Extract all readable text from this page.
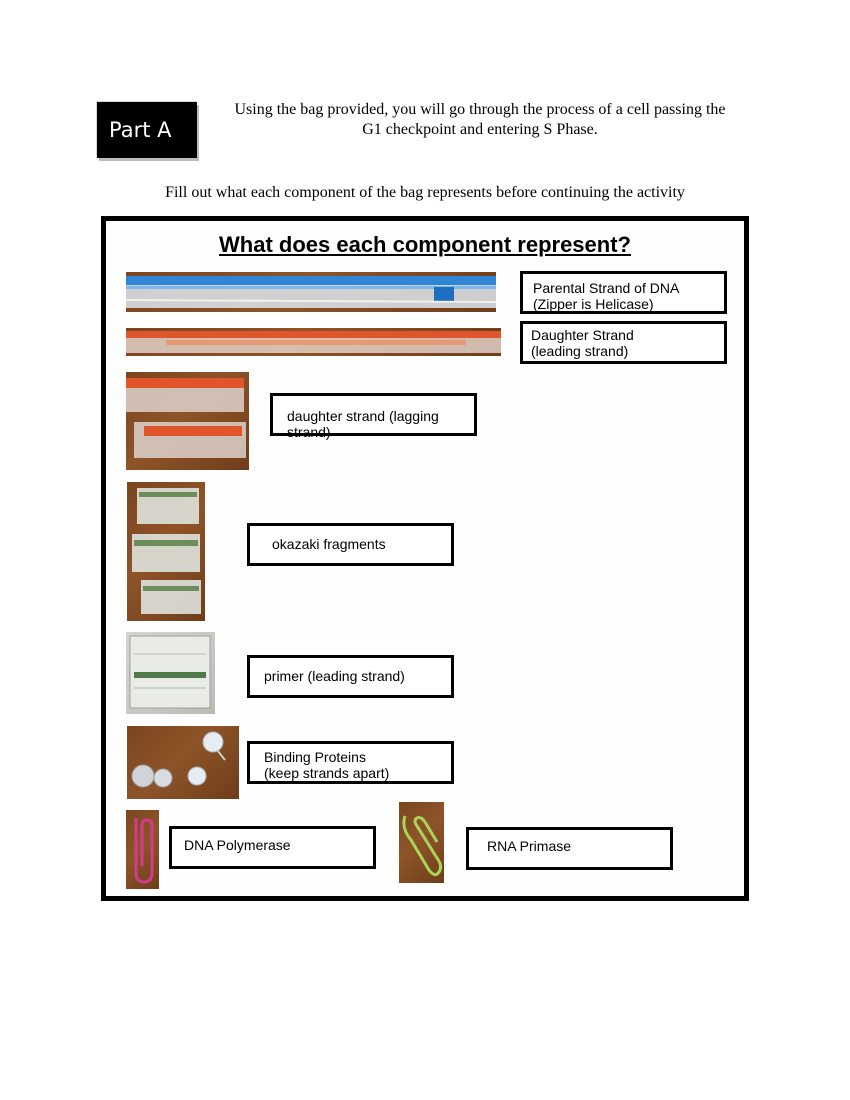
Part A
Using the bag provided, you will go through the process of a cell passing the
G1 checkpoint and entering S Phase.
Fill out what each component of the bag represents before continuing the activity
What does each component represent?
Parental Strand of DNA
(Zipper is Helicase)
Daughter Strand
(leading strand)
daughter strand (lagging strand)
okazaki fragments
primer (leading strand)
Binding Proteins
(keep strands apart)
DNA Polymerase	RNA Primase
